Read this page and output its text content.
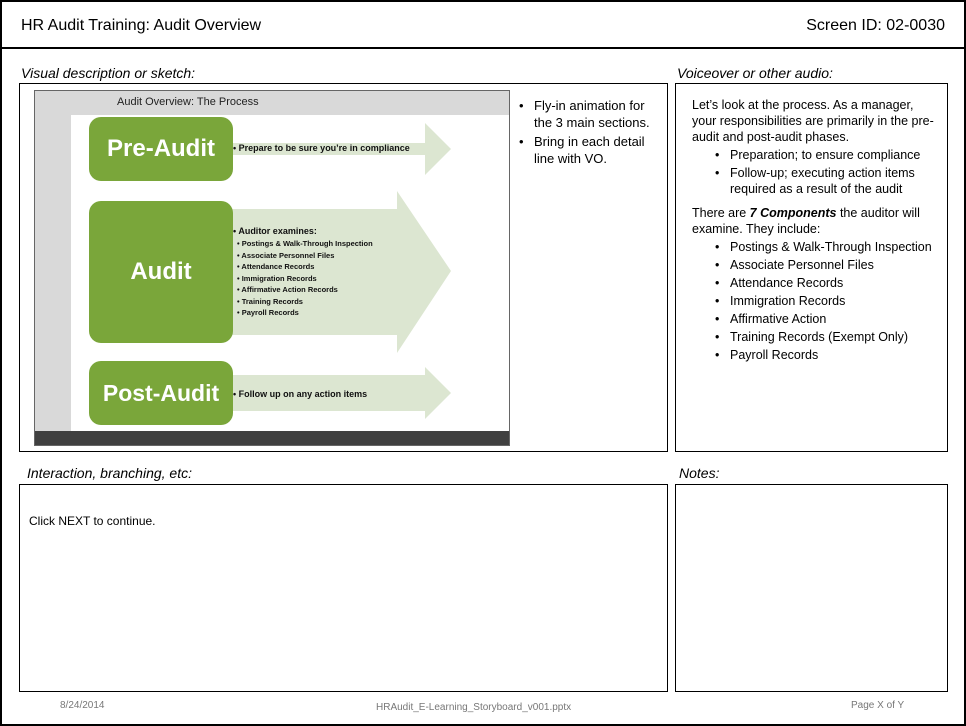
HR Audit Training: Audit Overview	Screen ID: 02-0030
Visual description or sketch:	Voiceover or other audio:
Interaction, branching, etc:	Notes:
Audit Overview: The Process
Pre-Audit
Audit
Post-Audit
• Prepare to be sure you’re in compliance
• Auditor examines:
• Postings & Walk-Through Inspection
• Associate Personnel Files
• Attendance Records
• Immigration Records
• Affirmative Action Records
• Training Records
• Payroll Records
• Follow up on any action items
• Fly-in animation for the 3 main sections.
• Bring in each detail line with VO.

Let’s look at the process. As a manager, your responsibilities are primarily in the pre-audit and post-audit phases.

• Preparation; to ensure compliance
• Follow-up; executing action items required as a result of the audit

There are 7 Components the auditor will examine. They include:

• Postings & Walk-Through Inspection
• Associate Personnel Files
• Attendance Records
• Immigration Records
• Affirmative Action
• Training Records (Exempt Only)
• Payroll Records
Click NEXT to continue.
8/24/2014	HRAudit_E-Learning_Storyboard_v001.pptx	Page X of Y
